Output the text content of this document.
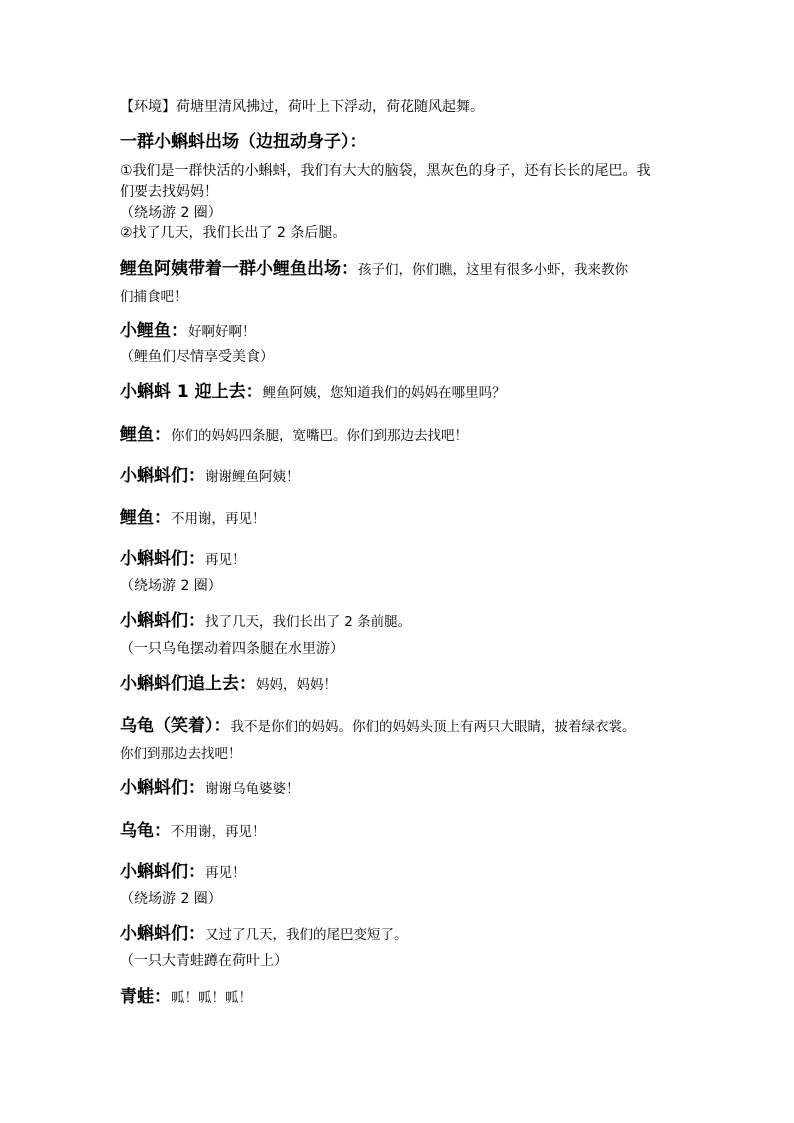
【环境】荷塘里清风拂过，荷叶上下浮动，荷花随风起舞。
一群小蝌蚪出场（边扭动身子）：
①我们是一群快活的小蝌蚪，我们有大大的脑袋，黑灰色的身子，还有长长的尾巴。我
们要去找妈妈！
（绕场游 2 圈）
②找了几天，我们长出了 2 条后腿。
鲤鱼阿姨带着一群小鲤鱼出场：孩子们，你们瞧，这里有很多小虾，我来教你
们捕食吧！
小鲤鱼：好啊好啊！
（鲤鱼们尽情享受美食）
小蝌蚪 1 迎上去：鲤鱼阿姨，您知道我们的妈妈在哪里吗？
鲤鱼：你们的妈妈四条腿，宽嘴巴。你们到那边去找吧！
小蝌蚪们：谢谢鲤鱼阿姨！
鲤鱼：不用谢，再见！
小蝌蚪们：再见！
（绕场游 2 圈）
小蝌蚪们：找了几天，我们长出了 2 条前腿。
（一只乌龟摆动着四条腿在水里游）
小蝌蚪们追上去：妈妈，妈妈！
乌龟（笑着）：我不是你们的妈妈。你们的妈妈头顶上有两只大眼睛，披着绿衣裳。
你们到那边去找吧！
小蝌蚪们：谢谢乌龟婆婆！
乌龟：不用谢，再见！
小蝌蚪们：再见！
（绕场游 2 圈）
小蝌蚪们：又过了几天，我们的尾巴变短了。
（一只大青蛙蹲在荷叶上）
青蛙：呱！呱！呱！
